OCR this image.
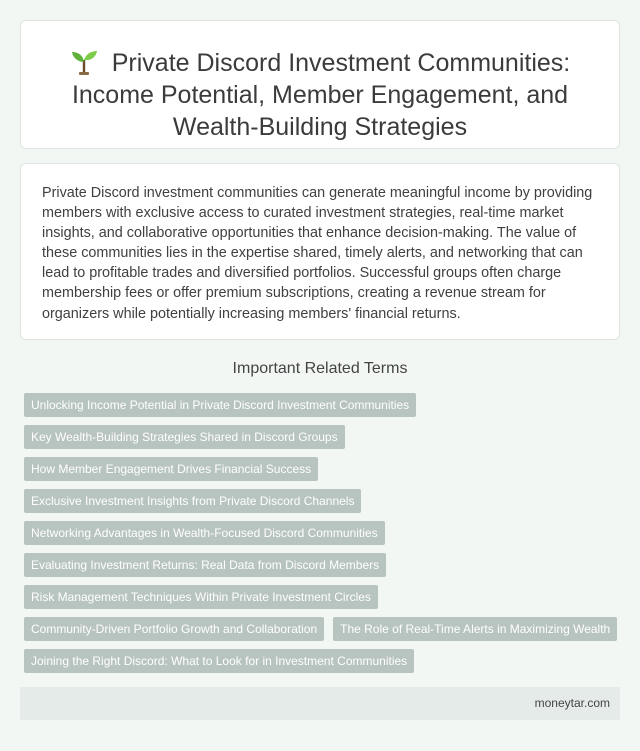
Private Discord Investment Communities: Income Potential, Member Engagement, and Wealth-Building Strategies

Private Discord investment communities can generate meaningful income by providing members with exclusive access to curated investment strategies, real-time market insights, and collaborative opportunities that enhance decision-making. The value of these communities lies in the expertise shared, timely alerts, and networking that can lead to profitable trades and diversified portfolios. Successful groups often charge membership fees or offer premium subscriptions, creating a revenue stream for organizers while potentially increasing members' financial returns.

Important Related Terms
Unlocking Income Potential in Private Discord Investment Communities
Key Wealth-Building Strategies Shared in Discord Groups
How Member Engagement Drives Financial Success
Exclusive Investment Insights from Private Discord Channels
Networking Advantages in Wealth-Focused Discord Communities
Evaluating Investment Returns: Real Data from Discord Members
Risk Management Techniques Within Private Investment Circles
Community-Driven Portfolio Growth and Collaboration	The Role of Real-Time Alerts in Maximizing Wealth
Joining the Right Discord: What to Look for in Investment Communities
moneytar.com
